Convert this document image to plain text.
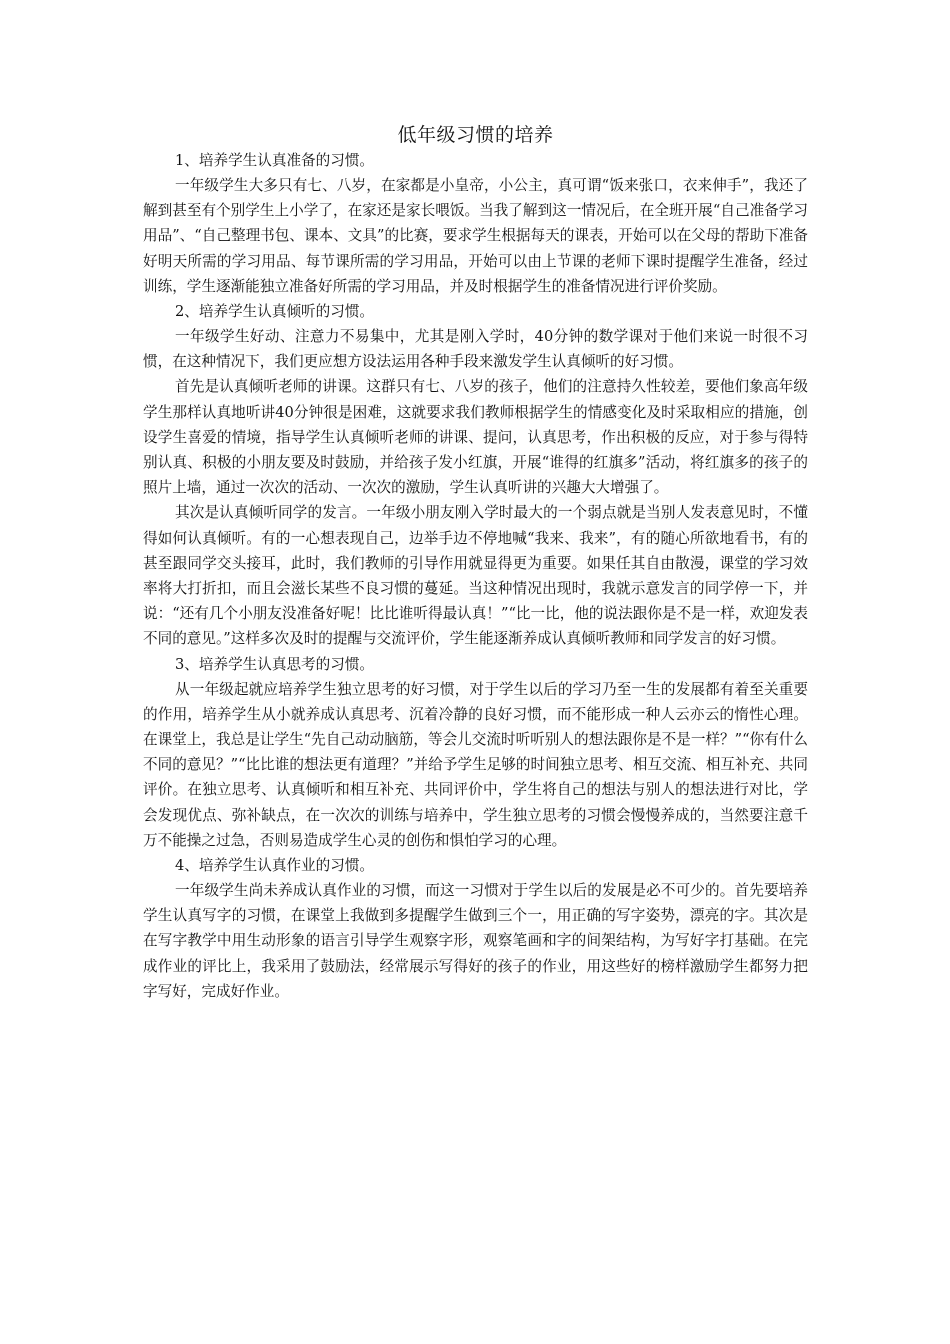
低年级习惯的培养

1、培养学生认真准备的习惯。

一年级学生大多只有七、八岁，在家都是小皇帝，小公主，真可谓“饭来张口，衣来伸手”，我还了解到甚至有个别学生上小学了，在家还是家长喂饭。当我了解到这一情况后，在全班开展“自己准备学习用品”、“自己整理书包、课本、文具”的比赛，要求学生根据每天的课表，开始可以在父母的帮助下准备好明天所需的学习用品、每节课所需的学习用品，开始可以由上节课的老师下课时提醒学生准备，经过训练，学生逐渐能独立准备好所需的学习用品，并及时根据学生的准备情况进行评价奖励。

2、培养学生认真倾听的习惯。

一年级学生好动、注意力不易集中，尤其是刚入学时，40分钟的数学课对于他们来说一时很不习惯，在这种情况下，我们更应想方设法运用各种手段来激发学生认真倾听的好习惯。

首先是认真倾听老师的讲课。这群只有七、八岁的孩子，他们的注意持久性较差，要他们象高年级学生那样认真地听讲40分钟很是困难，这就要求我们教师根据学生的情感变化及时采取相应的措施，创设学生喜爱的情境，指导学生认真倾听老师的讲课、提问，认真思考，作出积极的反应，对于参与得特别认真、积极的小朋友要及时鼓励，并给孩子发小红旗，开展“谁得的红旗多”活动，将红旗多的孩子的照片上墙，通过一次次的活动、一次次的激励，学生认真听讲的兴趣大大增强了。

其次是认真倾听同学的发言。一年级小朋友刚入学时最大的一个弱点就是当别人发表意见时，不懂得如何认真倾听。有的一心想表现自己，边举手边不停地喊“我来、我来”，有的随心所欲地看书，有的甚至跟同学交头接耳，此时，我们教师的引导作用就显得更为重要。如果任其自由散漫，课堂的学习效率将大打折扣，而且会滋长某些不良习惯的蔓延。当这种情况出现时，我就示意发言的同学停一下，并说：“还有几个小朋友没准备好呢！比比谁听得最认真！”“比一比，他的说法跟你是不是一样，欢迎发表不同的意见。”这样多次及时的提醒与交流评价，学生能逐渐养成认真倾听教师和同学发言的好习惯。

3、培养学生认真思考的习惯。

从一年级起就应培养学生独立思考的好习惯，对于学生以后的学习乃至一生的发展都有着至关重要的作用，培养学生从小就养成认真思考、沉着冷静的良好习惯，而不能形成一种人云亦云的惰性心理。在课堂上，我总是让学生“先自己动动脑筋，等会儿交流时听听别人的想法跟你是不是一样？”“你有什么不同的意见？”“比比谁的想法更有道理？”并给予学生足够的时间独立思考、相互交流、相互补充、共同评价。在独立思考、认真倾听和相互补充、共同评价中，学生将自己的想法与别人的想法进行对比，学会发现优点、弥补缺点，在一次次的训练与培养中，学生独立思考的习惯会慢慢养成的，当然要注意千万不能操之过急，否则易造成学生心灵的创伤和惧怕学习的心理。

4、培养学生认真作业的习惯。

一年级学生尚未养成认真作业的习惯，而这一习惯对于学生以后的发展是必不可少的。首先要培养学生认真写字的习惯，在课堂上我做到多提醒学生做到三个一，用正确的写字姿势，漂亮的字。其次是在写字教学中用生动形象的语言引导学生观察字形，观察笔画和字的间架结构，为写好字打基础。在完成作业的评比上，我采用了鼓励法，经常展示写得好的孩子的作业，用这些好的榜样激励学生都努力把字写好，完成好作业。
